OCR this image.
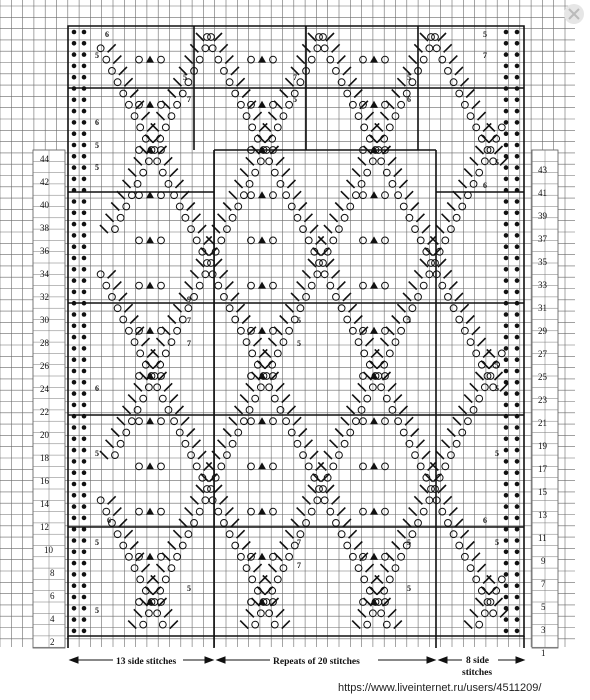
44
42
40
38
36
34
32
30
28
26
24
22
20
18
16
14
12
10
8
6
4
2
43
41
39
37
35
33
31
29
27
25
23
21
19
17
15
13
11
9
7
5
3
1
6
5
5	7	5
7	5	6
5
7
5
5
5
6
6
9
7	5	5
7	5
6
5
5
5
6
5
5	7	5	5
5
7
5
6
5
13 side stitches	Repeats of 20 stitches	8 side
stitches
https://www.liveinternet.ru/users/4511209/
